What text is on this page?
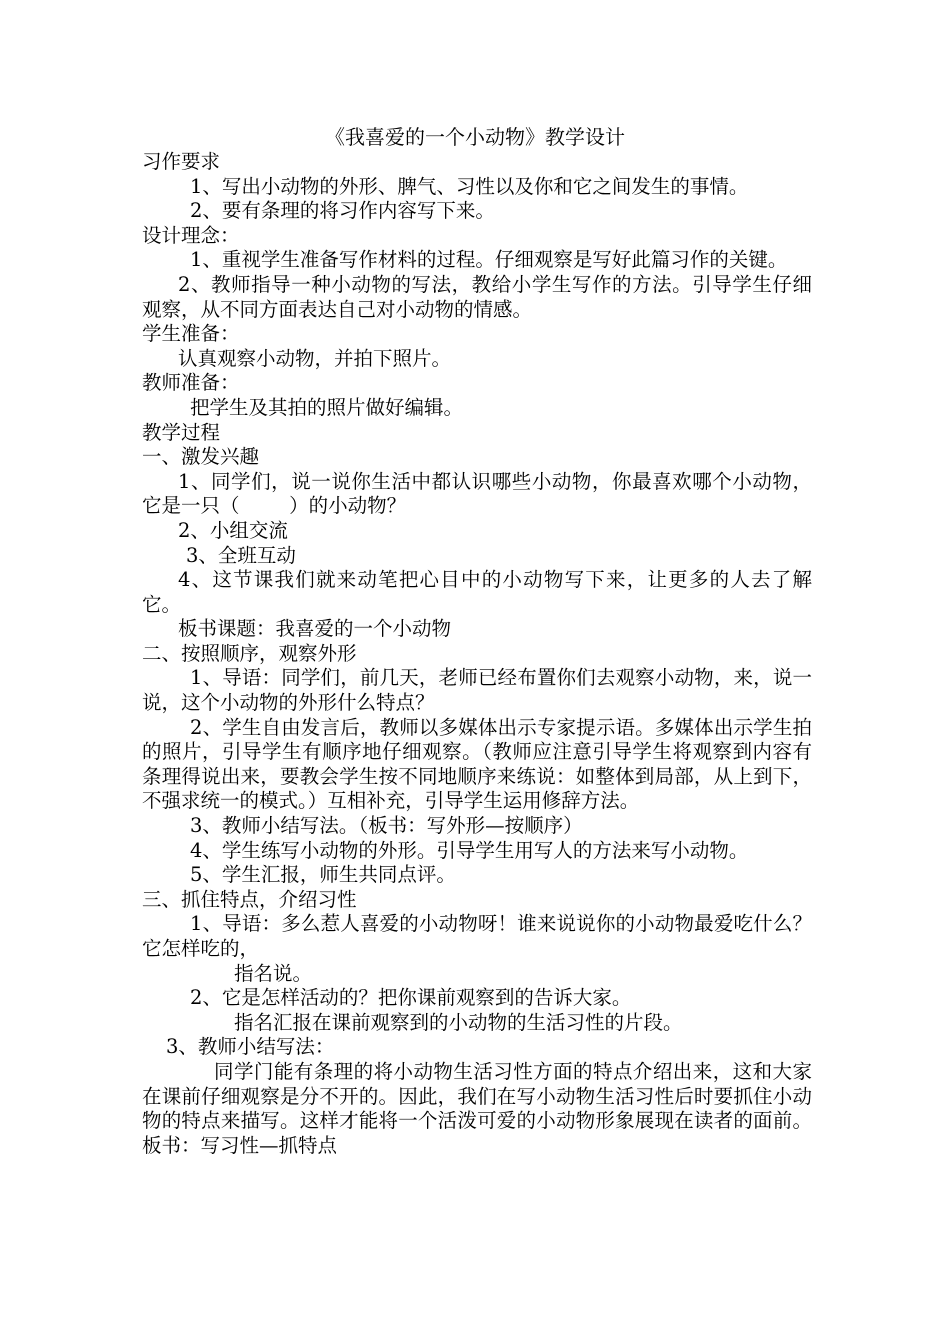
《我喜爱的一个小动物》教学设计

习作要求

1、写出小动物的外形、脾气、习性以及你和它之间发生的事情。

2、要有条理的将习作内容写下来。

设计理念：

1、重视学生准备写作材料的过程。仔细观察是写好此篇习作的关键。

2、教师指导一种小动物的写法，教给小学生写作的方法。引导学生仔细观察，从不同方面表达自己对小动物的情感。

学生准备：

认真观察小动物，并拍下照片。

教师准备：

把学生及其拍的照片做好编辑。

教学过程

一、激发兴趣

1、同学们，说一说你生活中都认识哪些小动物，你最喜欢哪个小动物，它是一只（        ）的小动物？

2、小组交流

3、全班互动

4、这节课我们就来动笔把心目中的小动物写下来，让更多的人去了解它。

板书课题：我喜爱的一个小动物

二、按照顺序，观察外形

1、导语：同学们，前几天，老师已经布置你们去观察小动物，来，说一说，这个小动物的外形什么特点？

2、学生自由发言后，教师以多媒体出示专家提示语。多媒体出示学生拍的照片，引导学生有顺序地仔细观察。（教师应注意引导学生将观察到内容有条理得说出来，要教会学生按不同地顺序来练说：如整体到局部，从上到下，不强求统一的模式。）互相补充，引导学生运用修辞方法。

3、教师小结写法。（板书：写外形—按顺序）

4、学生练写小动物的外形。引导学生用写人的方法来写小动物。

5、学生汇报，师生共同点评。

三、抓住特点，介绍习性

1、导语：多么惹人喜爱的小动物呀！谁来说说你的小动物最爱吃什么？它怎样吃的，

指名说。

2、它是怎样活动的？把你课前观察到的告诉大家。

指名汇报在课前观察到的小动物的生活习性的片段。

3、教师小结写法：

同学门能有条理的将小动物生活习性方面的特点介绍出来，这和大家在课前仔细观察是分不开的。因此，我们在写小动物生活习性后时要抓住小动物的特点来描写。这样才能将一个活泼可爱的小动物形象展现在读者的面前。板书：写习性—抓特点
